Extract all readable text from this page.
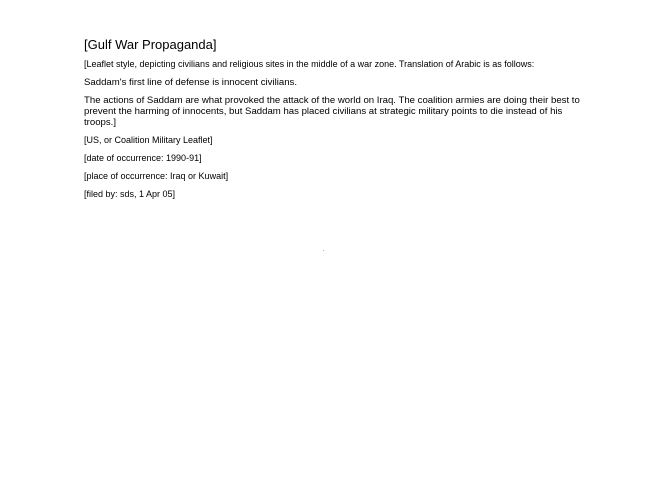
[Gulf War Propaganda]
[Leaflet style, depicting civilians and religious sites in the middle of a war zone. Translation of Arabic is as follows:
Saddam's first line of defense is innocent civilians.
The actions of Saddam are what provoked the attack of the world on Iraq. The coalition armies are doing their best to prevent the harming of innocents, but Saddam has placed civilians at strategic military points to die instead of his troops.]
[US, or Coalition Military Leaflet]
[date of occurrence: 1990-91]
[place of occurrence: Iraq or Kuwait]
[filed by: sds, 1 Apr 05]
